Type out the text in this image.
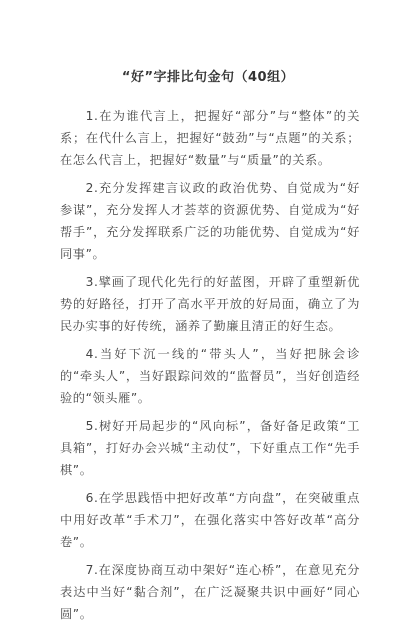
“好”字排比句金句（40组）

1.在为谁代言上，把握好“部分”与“整体”的关系；在代什么言上，把握好“鼓劲”与“点题”的关系；在怎么代言上，把握好“数量”与“质量”的关系。

2.充分发挥建言议政的政治优势、自觉成为“好参谋”，充分发挥人才荟萃的资源优势、自觉成为“好帮手”，充分发挥联系广泛的功能优势、自觉成为“好同事”。

3.擘画了现代化先行的好蓝图，开辟了重塑新优势的好路径，打开了高水平开放的好局面，确立了为民办实事的好传统，涵养了勤廉且清正的好生态。

4.当好下沉一线的“带头人”，当好把脉会诊的“牵头人”，当好跟踪问效的“监督员”，当好创造经验的“领头雁”。

5.树好开局起步的“风向标”，备好备足政策“工具箱”，打好办会兴城“主动仗”，下好重点工作“先手棋”。

6.在学思践悟中把好改革“方向盘”，在突破重点中用好改革“手术刀”，在强化落实中答好改革“高分卷”。

7.在深度协商互动中架好“连心桥”，在意见充分表达中当好“黏合剂”，在广泛凝聚共识中画好“同心圆”。
